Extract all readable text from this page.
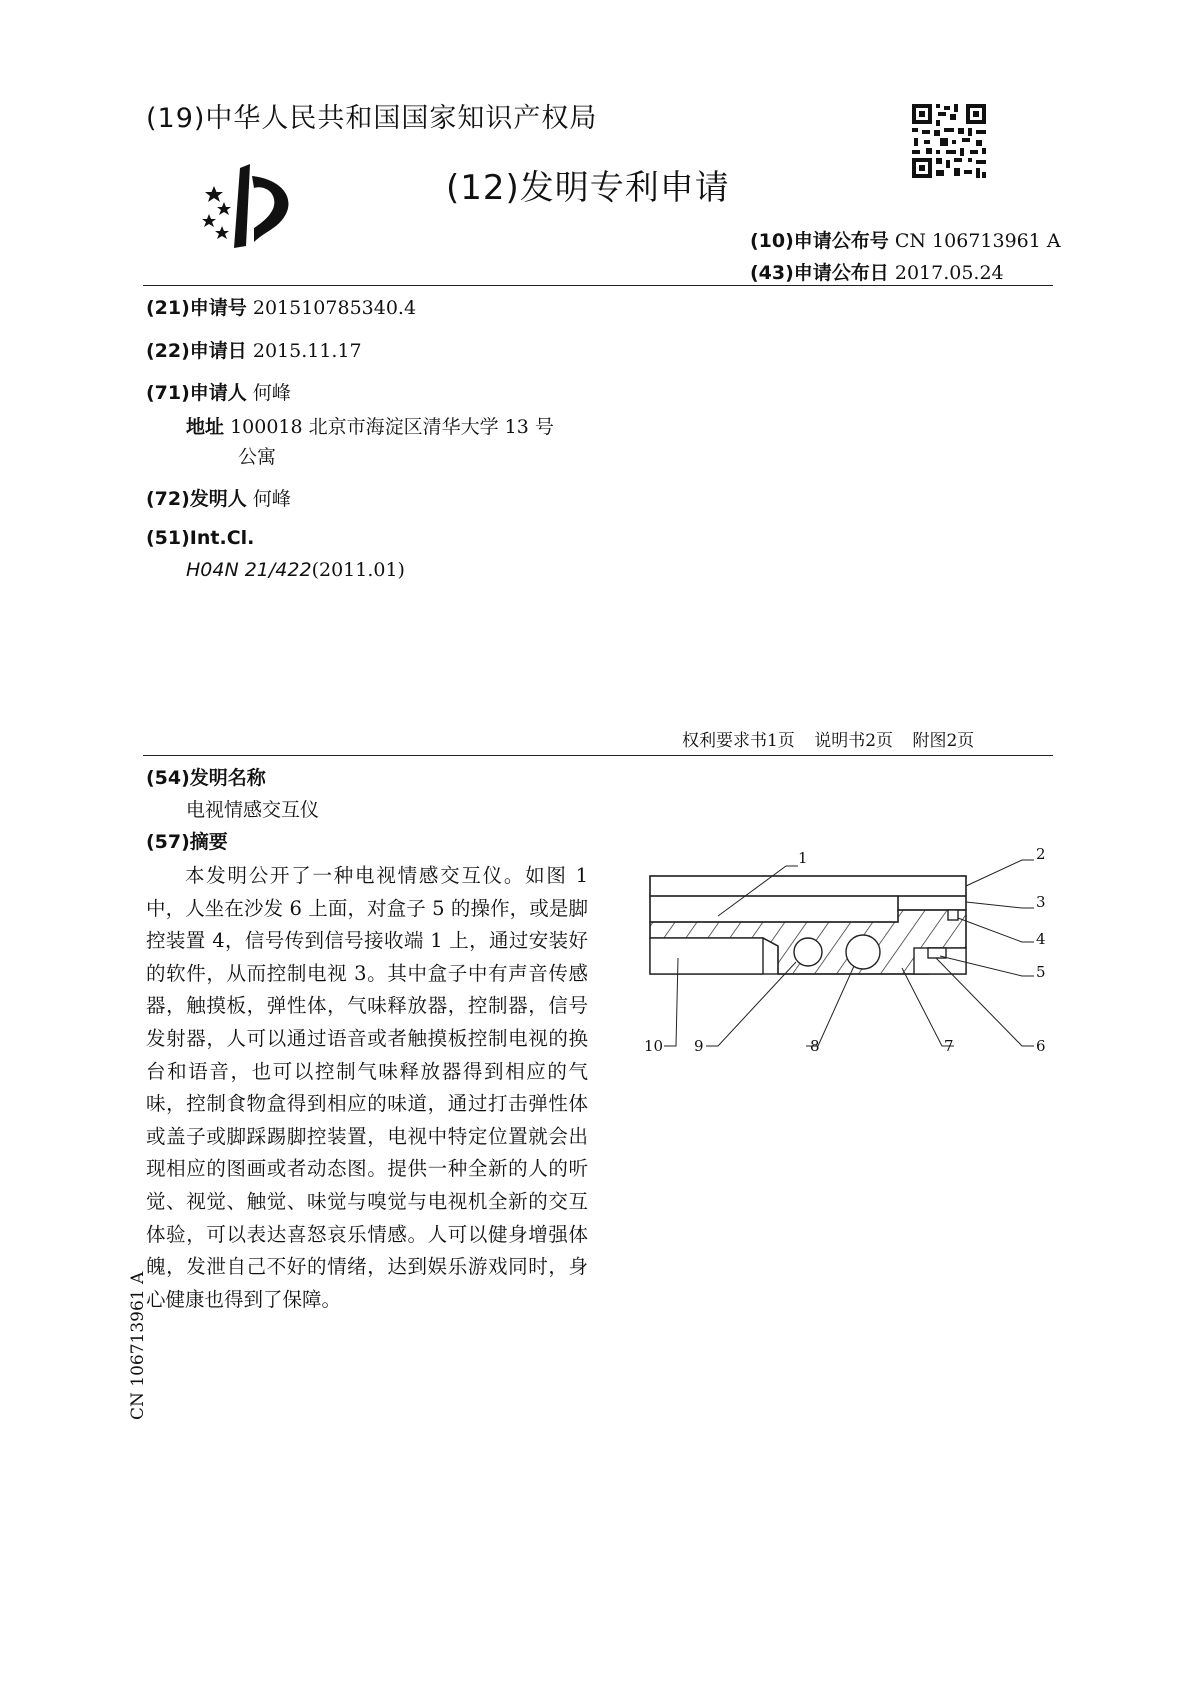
(19)中华人民共和国国家知识产权局
(12)发明专利申请
(10)申请公布号 CN 106713961 A
(43)申请公布日 2017.05.24
(21)申请号 201510785340.4
(22)申请日 2015.11.17
(71)申请人 何峰
地址 100018 北京市海淀区清华大学 13 号
公寓
(72)发明人 何峰
(51)Int.Cl.
H04N 21/422(2011.01)
权利要求书1页 说明书2页 附图2页
(54)发明名称
电视情感交互仪
(57)摘要

本发明公开了一种电视情感交互仪。如图 1 中，人坐在沙发 6 上面，对盒子 5 的操作，或是脚控装置 4，信号传到信号接收端 1 上，通过安装好的软件，从而控制电视 3。其中盒子中有声音传感器，触摸板，弹性体，气味释放器，控制器，信号发射器，人可以通过语音或者触摸板控制电视的换台和语音，也可以控制气味释放器得到相应的气味，控制食物盒得到相应的味道，通过打击弹性体或盖子或脚踩踢脚控装置，电视中特定位置就会出现相应的图画或者动态图。提供一种全新的人的听觉、视觉、触觉、味觉与嗅觉与电视机全新的交互体验，可以表达喜怒哀乐情感。人可以健身增强体魄，发泄自己不好的情绪，达到娱乐游戏同时，身心健康也得到了保障。

1	2
3
4
5
10 9	8	7	6
CN 106713961 A
